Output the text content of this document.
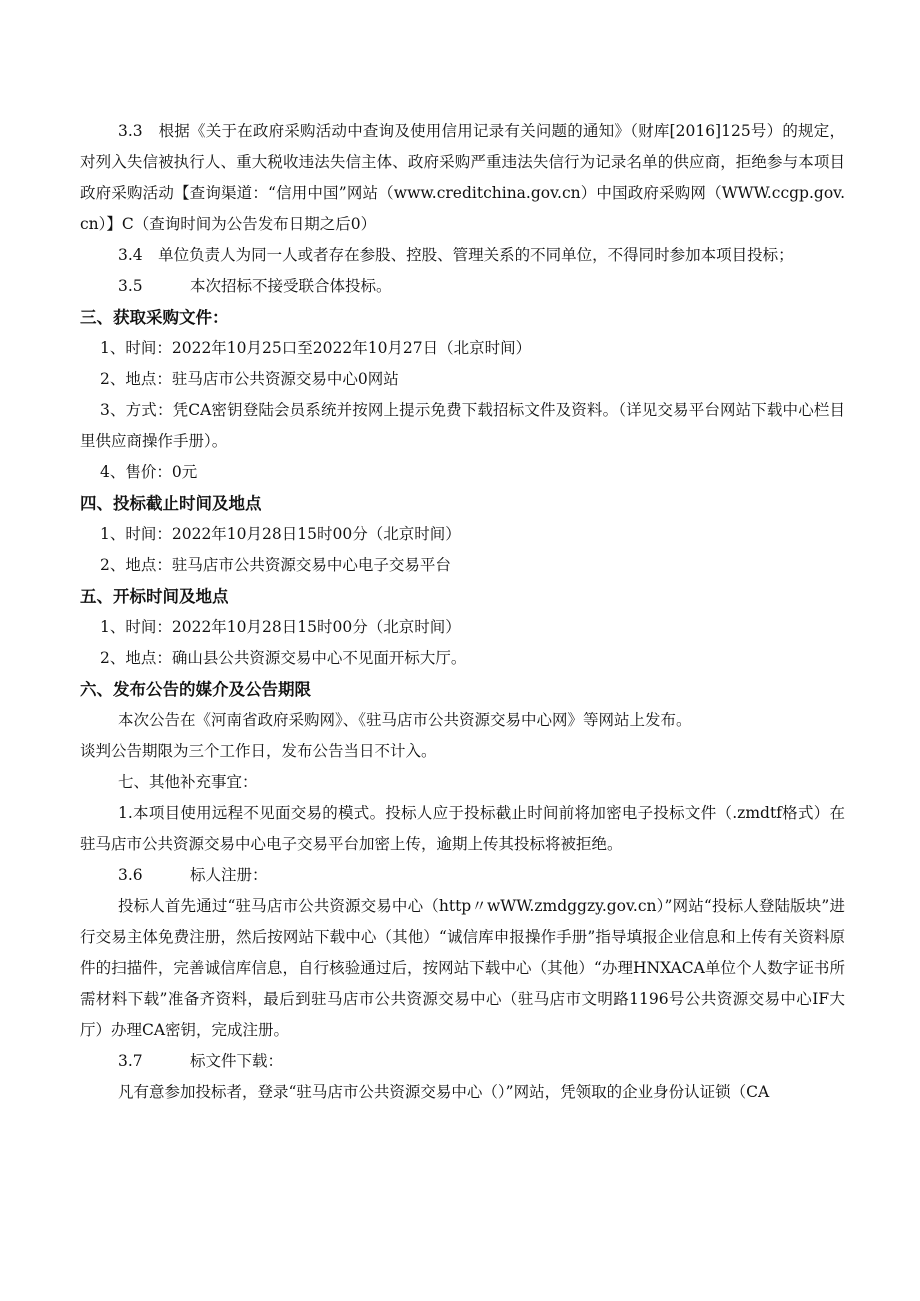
3.3　根据《关于在政府采购活动中查询及使用信用记录有关问题的通知》（财库[2016]125号）的规定，对列入失信被执行人、重大税收违法失信主体、政府采购严重违法失信行为记录名单的供应商，拒绝参与本项目政府采购活动【查询渠道：“信用中国”网站（www.creditchina.gov.cn）中国政府采购网（WWW.ccgp.gov.cn）】C（查询时间为公告发布日期之后0）

3.4　单位负责人为同一人或者存在参股、控股、管理关系的不同单位，不得同时参加本项目投标；

3.5	本次招标不接受联合体投标。

三、获取采购文件：

1、时间：2022年10月25口至2022年10月27日（北京时间）

2、地点：驻马店市公共资源交易中心0网站

3、方式：凭CA密钥登陆会员系统并按网上提示免费下载招标文件及资料。（详见交易平台网站下载中心栏目里供应商操作手册）。

4、售价：0元

四、投标截止时间及地点

1、时间：2022年10月28日15时00分（北京时间）

2、地点：驻马店市公共资源交易中心电子交易平台

五、开标时间及地点

1、时间：2022年10月28日15时00分（北京时间）

2、地点：确山县公共资源交易中心不见面开标大厅。

六、发布公告的媒介及公告期限

本次公告在《河南省政府采购网》、《驻马店市公共资源交易中心网》等网站上发布。

谈判公告期限为三个工作日，发布公告当日不计入。

七、其他补充事宜：

1.本项目使用远程不见面交易的模式。投标人应于投标截止时间前将加密电子投标文件（.zmdtf格式）在驻马店市公共资源交易中心电子交易平台加密上传，逾期上传其投标将被拒绝。

3.6	标人注册：

投标人首先通过“驻马店市公共资源交易中心（http〃wWW.zmdggzy.gov.cn）”网站“投标人登陆版块”进行交易主体免费注册，然后按网站下载中心（其他）“诚信库申报操作手册”指导填报企业信息和上传有关资料原件的扫描件，完善诚信库信息，自行核验通过后，按网站下载中心（其他）“办理HNXACA单位个人数字证书所需材料下载”准备齐资料，最后到驻马店市公共资源交易中心（驻马店市文明路1196号公共资源交易中心IF大厅）办理CA密钥，完成注册。

3.7	标文件下载：

凡有意参加投标者，登录“驻马店市公共资源交易中心（）”网站，凭领取的企业身份认证锁（CA
